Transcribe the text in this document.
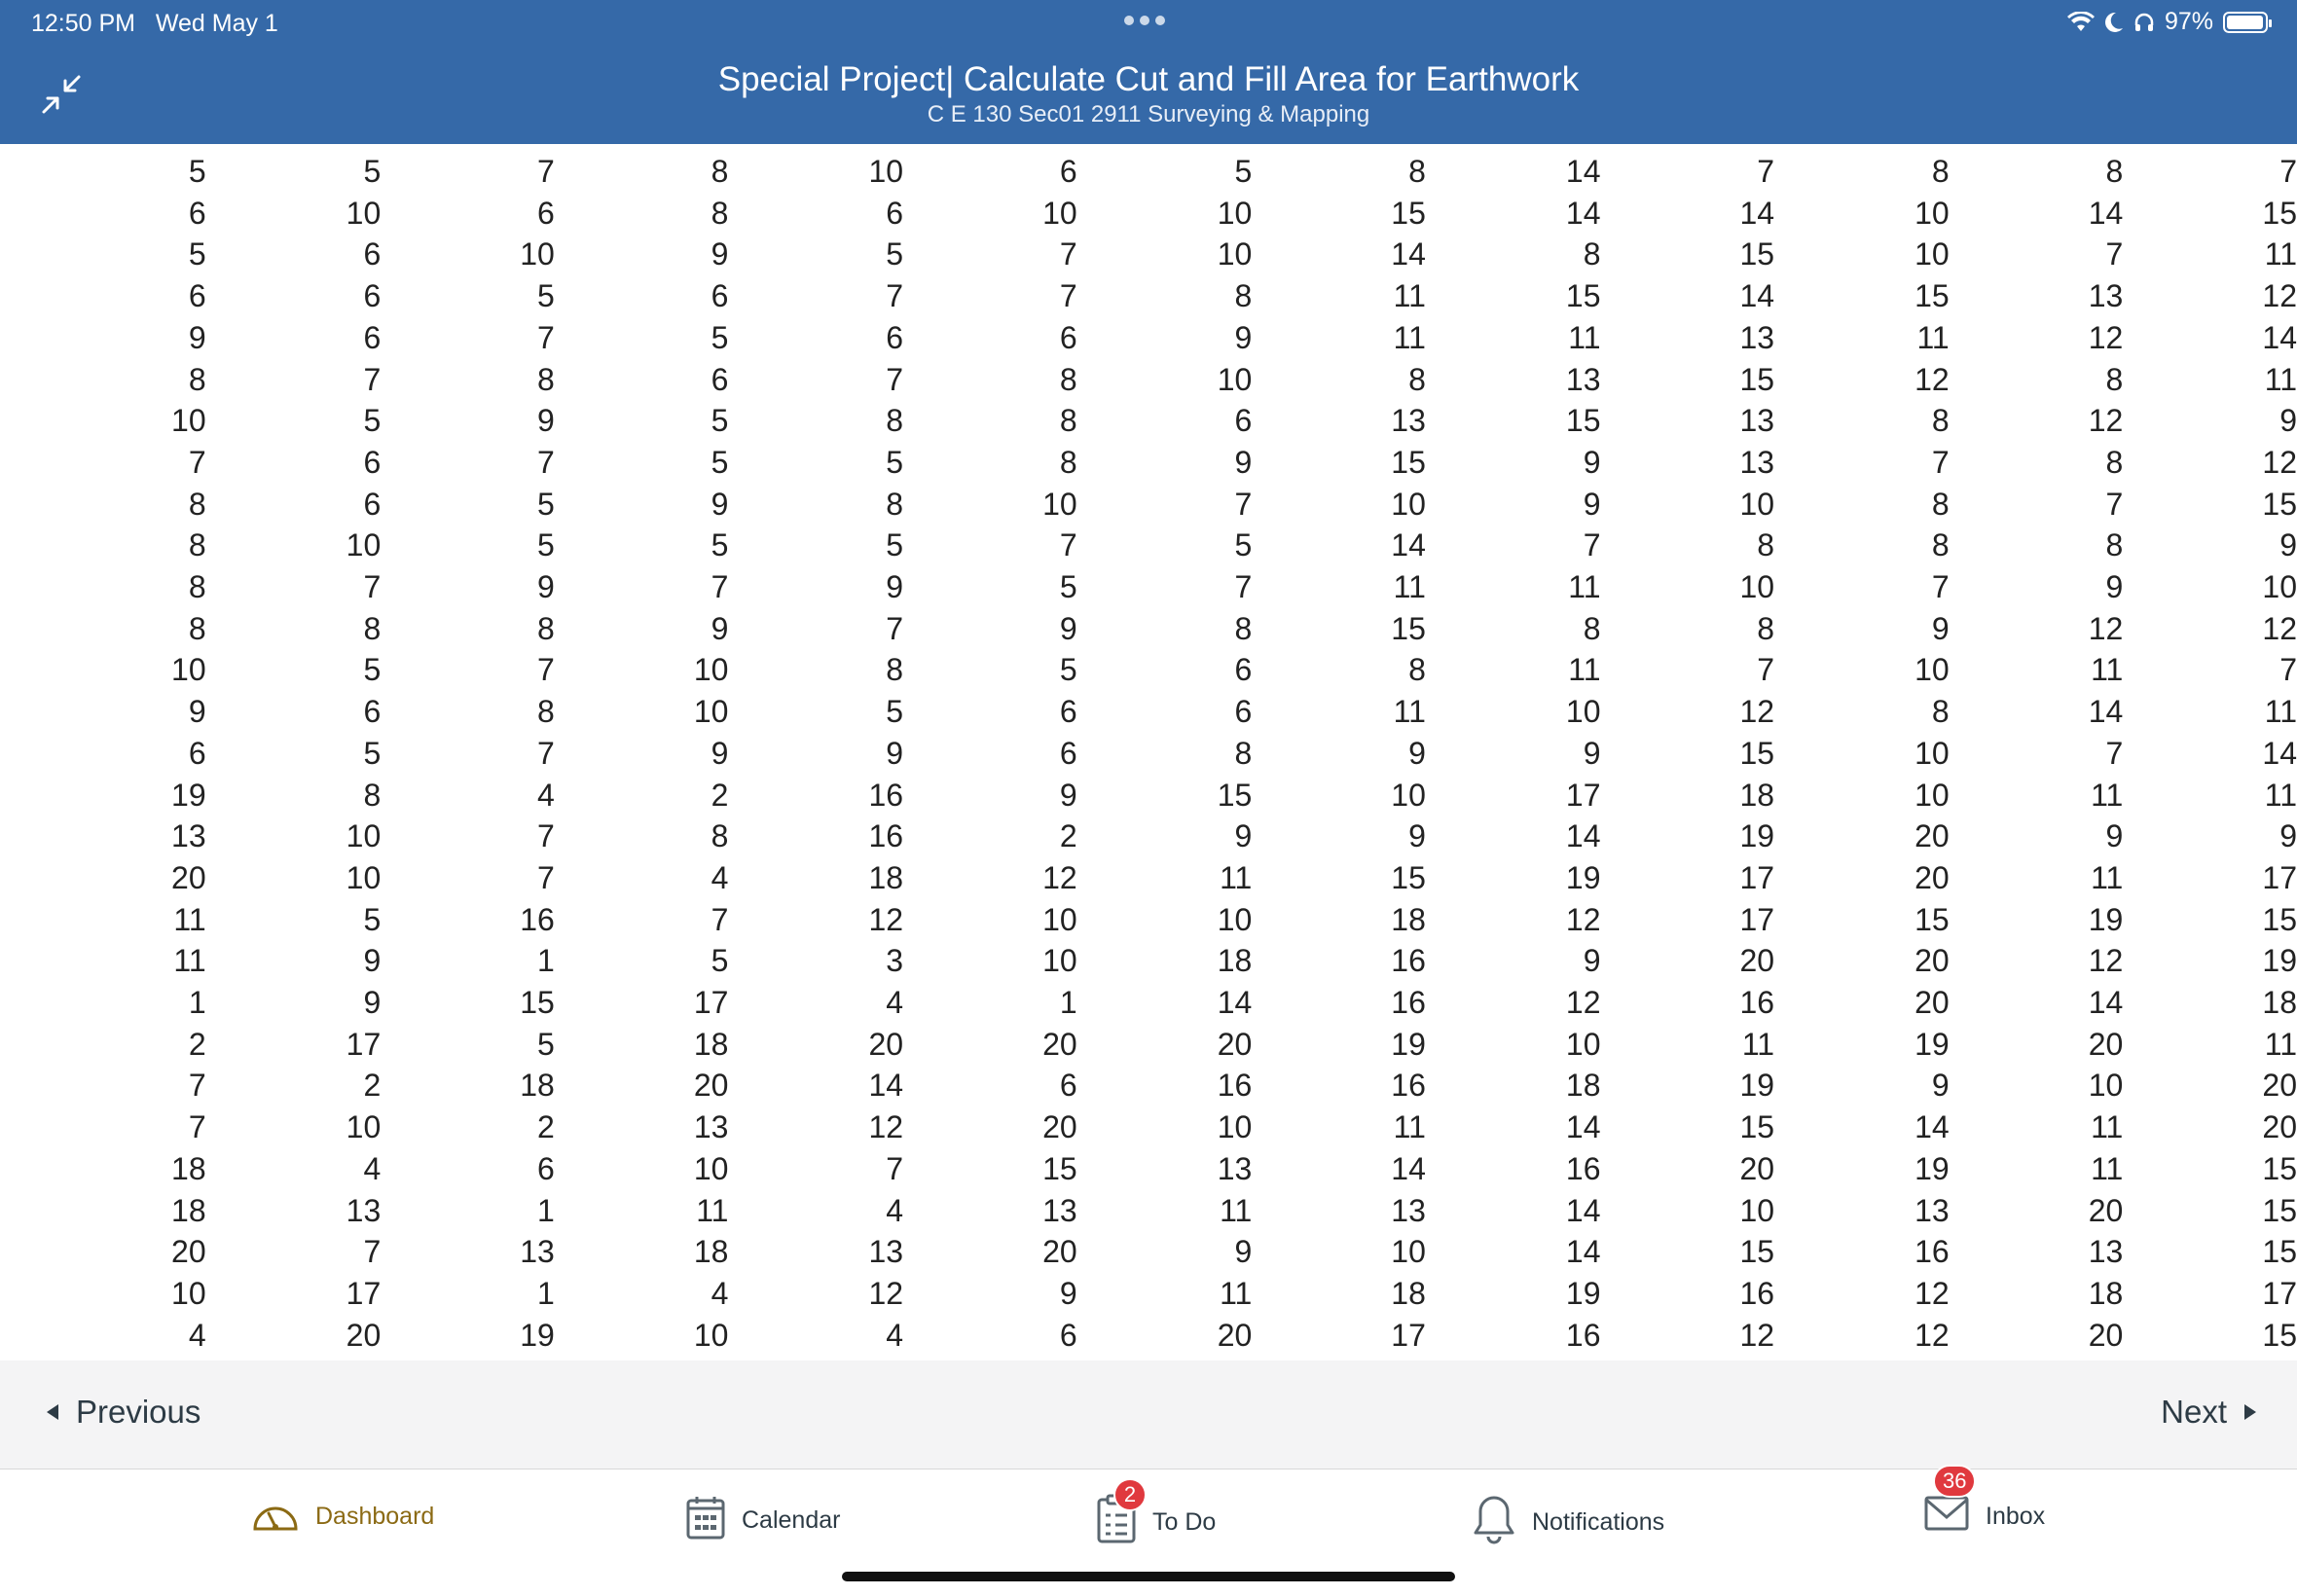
12:50 PM Wed May 1	97%
Special Project| Calculate Cut and Fill Area for Earthwork
C E 130 Sec01 2911 Surveying & Mapping
5	5	7	8	10	6	5	8	14	7	8	8	7
6	10	6	8	6	10	10	15	14	14	10	14	15
5	6	10	9	5	7	10	14	8	15	10	7	11
6	6	5	6	7	7	8	11	15	14	15	13	12
9	6	7	5	6	6	9	11	11	13	11	12	14
8	7	8	6	7	8	10	8	13	15	12	8	11
10	5	9	5	8	8	6	13	15	13	8	12	9
7	6	7	5	5	8	9	15	9	13	7	8	12
8	6	5	9	8	10	7	10	9	10	8	7	15
8	10	5	5	5	7	5	14	7	8	8	8	9
8	7	9	7	9	5	7	11	11	10	7	9	10
8	8	8	9	7	9	8	15	8	8	9	12	12
10	5	7	10	8	5	6	8	11	7	10	11	7
9	6	8	10	5	6	6	11	10	12	8	14	11
6	5	7	9	9	6	8	9	9	15	10	7	14
19	8	4	2	16	9	15	10	17	18	10	11	11
13	10	7	8	16	2	9	9	14	19	20	9	9
20	10	7	4	18	12	11	15	19	17	20	11	17
11	5	16	7	12	10	10	18	12	17	15	19	15
11	9	1	5	3	10	18	16	9	20	20	12	19
1	9	15	17	4	1	14	16	12	16	20	14	18
2	17	5	18	20	20	20	19	10	11	19	20	11
7	2	18	20	14	6	16	16	18	19	9	10	20
7	10	2	13	12	20	10	11	14	15	14	11	20
18	4	6	10	7	15	13	14	16	20	19	11	15
18	13	1	11	4	13	11	13	14	10	13	20	15
20	7	13	18	13	20	9	10	14	15	16	13	15
10	17	1	4	12	9	11	18	19	16	12	18	17
4	20	19	10	4	6	20	17	16	12	12	20	15
Previous	Next
Dashboard	Calendar
2
To Do	Notifications
36
Inbox
